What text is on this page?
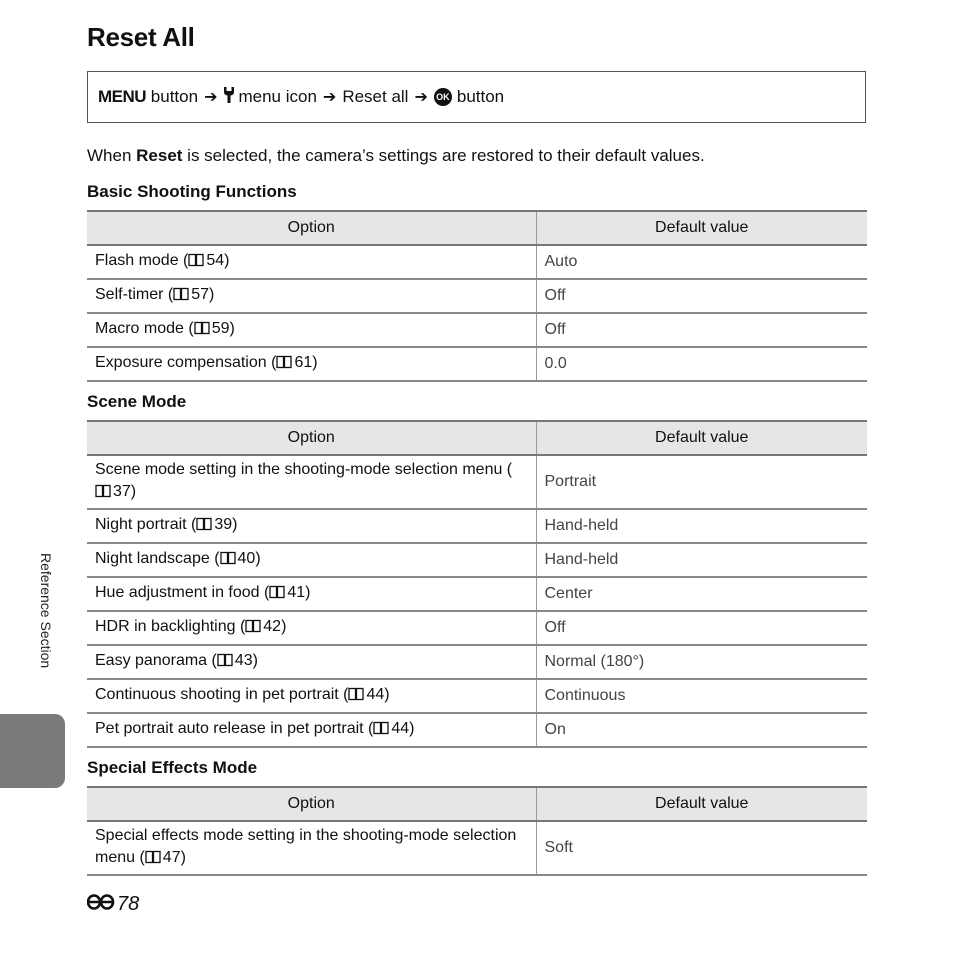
Reset All
MENU
button ➔ menu icon ➔ Reset all ➔ OK button
When Reset is selected, the camera’s settings are restored to their default values.
Basic Shooting Functions
Option	Default value
Flash mode ( 54)	Auto
Self-timer ( 57)	Off
Macro mode ( 59)	Off
Exposure compensation ( 61)	0.0
Scene Mode
Option	Default value
Scene mode setting in the shooting-mode selection menu (37)	Portrait
Night portrait ( 39)	Hand-held
Night landscape ( 40)	Hand-held
Hue adjustment in food ( 41)	Center
HDR in backlighting ( 42)	Off
Easy panorama ( 43)	Normal (180°)
Continuous shooting in pet portrait ( 44)	Continuous
Pet portrait auto release in pet portrait ( 44)	On
Special Effects Mode
Option	Default value
Special effects mode setting in the shooting-mode selection menu ( 47)	Soft
Reference Section
78
